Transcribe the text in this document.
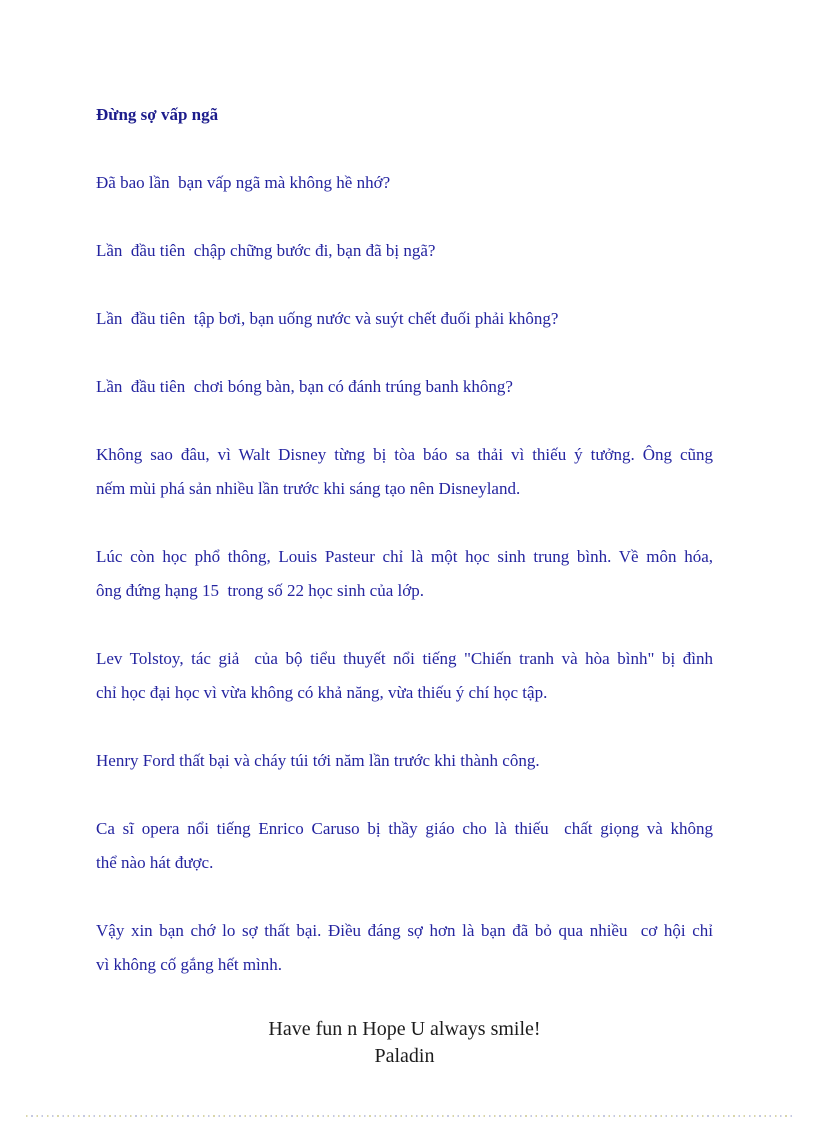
Đừng sợ vấp ngã
Đã bao lần  bạn vấp ngã mà không hề nhớ?
Lần  đầu tiên  chập chững bước đi, bạn đã bị ngã?
Lần  đầu tiên  tập bơi, bạn uống nước và suýt chết đuối phải không?
Lần  đầu tiên  chơi bóng bàn, bạn có đánh trúng banh không?
Không sao đâu, vì Walt Disney từng bị tòa báo sa thải vì thiếu ý tưởng. Ông cũng
nếm mùi phá sản nhiều lần trước khi sáng tạo nên Disneyland.
Lúc còn học phổ thông, Louis Pasteur chỉ là một học sinh trung bình. Về môn hóa,
ông đứng hạng 15  trong số 22 học sinh của lớp.
Lev Tolstoy, tác giả  của bộ tiểu thuyết nổi tiếng "Chiến tranh và hòa bình" bị đình
chỉ học đại học vì vừa không có khả năng, vừa thiếu ý chí học tập.
Henry Ford thất bại và cháy túi tới năm lần trước khi thành công.
Ca sĩ opera nổi tiếng Enrico Caruso bị thầy giáo cho là thiếu  chất giọng và không
thể nào hát được.
Vậy xin bạn chớ lo sợ thất bại. Điều đáng sợ hơn là bạn đã bỏ qua nhiều  cơ hội chỉ
vì không cố gắng hết mình.
Have fun n Hope U always smile!
Paladin
